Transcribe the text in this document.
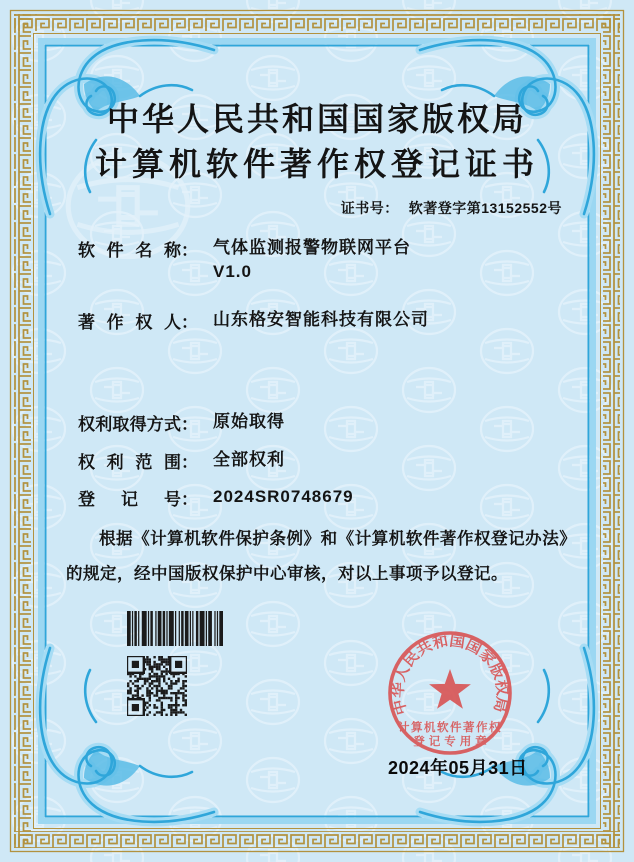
中华人民共和国国家版权局
计算机软件著作权登记证书
证书号： 软著登字第13152552号
软件名称 ： 气体监测报警物联网平台
V1.0
著作权人 ： 山东格安智能科技有限公司
权利取得方式 ： 原始取得
权利范围 ： 全部权利
登记号 ： 2024SR0748679
根据《计算机软件保护条例》和《计算机软件著作权登记办法》的规定，经中国版权保护中心审核，对以上事项予以登记。
中华人民共和国国家版权局
计算机软件著作权
登记专用章
2024年05月31日
